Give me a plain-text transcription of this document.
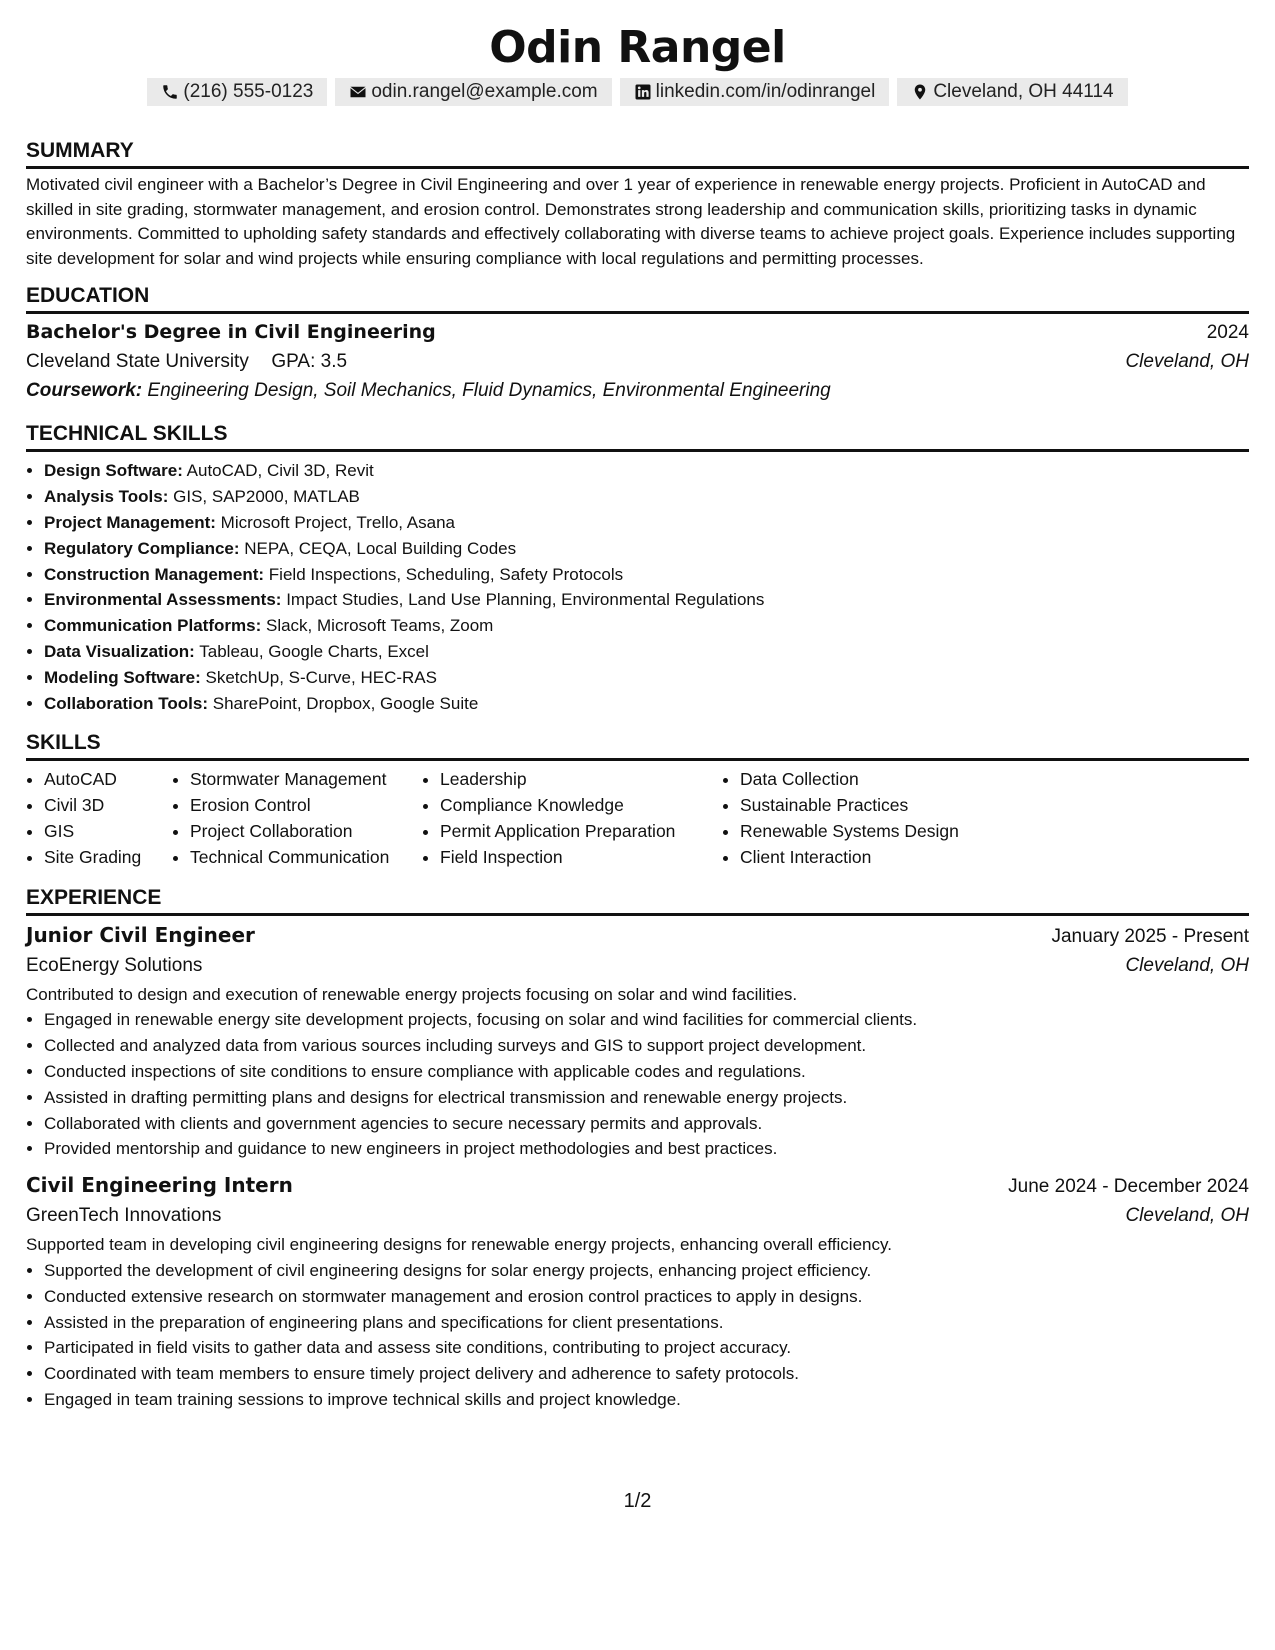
Odin Rangel
(216) 555-0123	odin.rangel@example.com	linkedin.com/in/odinrangel	Cleveland, OH 44114
SUMMARY

Motivated civil engineer with a Bachelor’s Degree in Civil Engineering and over 1 year of experience in renewable energy projects. Proficient in AutoCAD and skilled in site grading, stormwater management, and erosion control. Demonstrates strong leadership and communication skills, prioritizing tasks in dynamic environments. Committed to upholding safety standards and effectively collaborating with diverse teams to achieve project goals. Experience includes supporting site development for solar and wind projects while ensuring compliance with local regulations and permitting processes.

EDUCATION
Bachelor's Degree in Civil Engineering	2024
Cleveland State University GPA: 3.5	Cleveland, OH
Coursework: Engineering Design, Soil Mechanics, Fluid Dynamics, Environmental Engineering
TECHNICAL SKILLS
• Design Software: AutoCAD, Civil 3D, Revit
• Analysis Tools: GIS, SAP2000, MATLAB
• Project Management: Microsoft Project, Trello, Asana
• Regulatory Compliance: NEPA, CEQA, Local Building Codes
• Construction Management: Field Inspections, Scheduling, Safety Protocols
• Environmental Assessments: Impact Studies, Land Use Planning, Environmental Regulations
• Communication Platforms: Slack, Microsoft Teams, Zoom
• Data Visualization: Tableau, Google Charts, Excel
• Modeling Software: SketchUp, S-Curve, HEC-RAS
• Collaboration Tools: SharePoint, Dropbox, Google Suite
SKILLS
• AutoCAD
• Civil 3D
• GIS
• Site Grading
• Stormwater Management
• Erosion Control
• Project Collaboration
• Technical Communication
• Leadership
• Compliance Knowledge
• Permit Application Preparation
• Field Inspection
• Data Collection
• Sustainable Practices
• Renewable Systems Design
• Client Interaction
EXPERIENCE
Junior Civil Engineer	January 2025 - Present
EcoEnergy Solutions	Cleveland, OH

Contributed to design and execution of renewable energy projects focusing on solar and wind facilities.

• Engaged in renewable energy site development projects, focusing on solar and wind facilities for commercial clients.
• Collected and analyzed data from various sources including surveys and GIS to support project development.
• Conducted inspections of site conditions to ensure compliance with applicable codes and regulations.
• Assisted in drafting permitting plans and designs for electrical transmission and renewable energy projects.
• Collaborated with clients and government agencies to secure necessary permits and approvals.
• Provided mentorship and guidance to new engineers in project methodologies and best practices.
Civil Engineering Intern	June 2024 - December 2024
GreenTech Innovations	Cleveland, OH

Supported team in developing civil engineering designs for renewable energy projects, enhancing overall efficiency.

• Supported the development of civil engineering designs for solar energy projects, enhancing project efficiency.
• Conducted extensive research on stormwater management and erosion control practices to apply in designs.
• Assisted in the preparation of engineering plans and specifications for client presentations.
• Participated in field visits to gather data and assess site conditions, contributing to project accuracy.
• Coordinated with team members to ensure timely project delivery and adherence to safety protocols.
• Engaged in team training sessions to improve technical skills and project knowledge.
1/2
